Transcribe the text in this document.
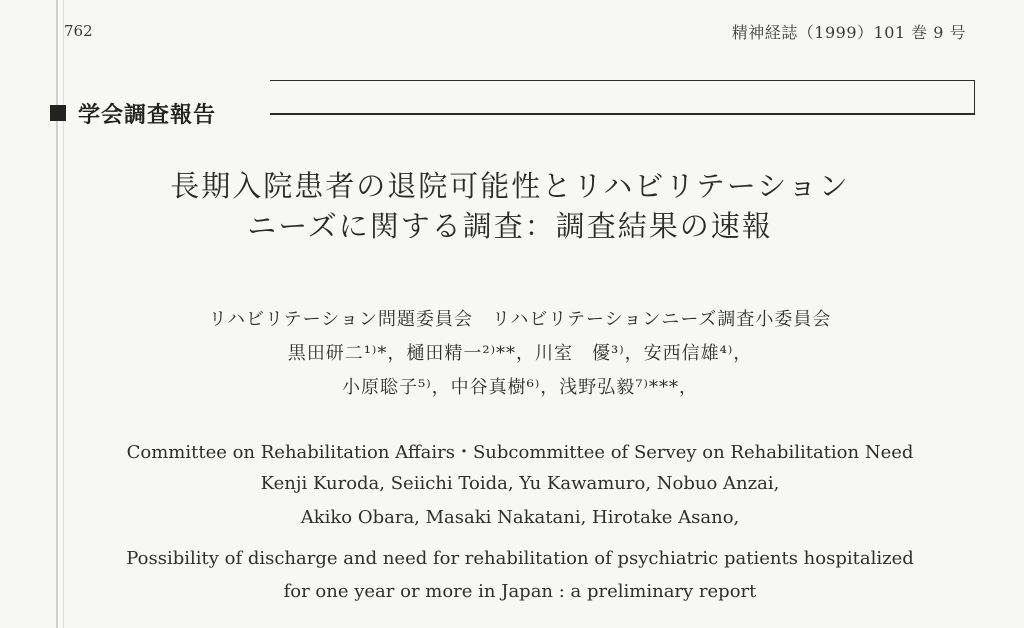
762	精神経誌（1999）101 巻 9 号
学会調査報告
長期入院患者の退院可能性とリハビリテーション
ニーズに関する調査：調査結果の速報
リハビリテーション問題委員会　リハビリテーションニーズ調査小委員会
黒田研二¹⁾*，樋田精一²⁾**，川室　優³⁾，安西信雄⁴⁾，
小原聡子⁵⁾，中谷真樹⁶⁾，浅野弘毅⁷⁾***，
Committee on Rehabilitation Affairs・Subcommittee of Servey on Rehabilitation Need
Kenji Kuroda, Seiichi Toida, Yu Kawamuro, Nobuo Anzai,
Akiko Obara, Masaki Nakatani, Hirotake Asano,
Possibility of discharge and need for rehabilitation of psychiatric patients hospitalized
for one year or more in Japan : a preliminary report
